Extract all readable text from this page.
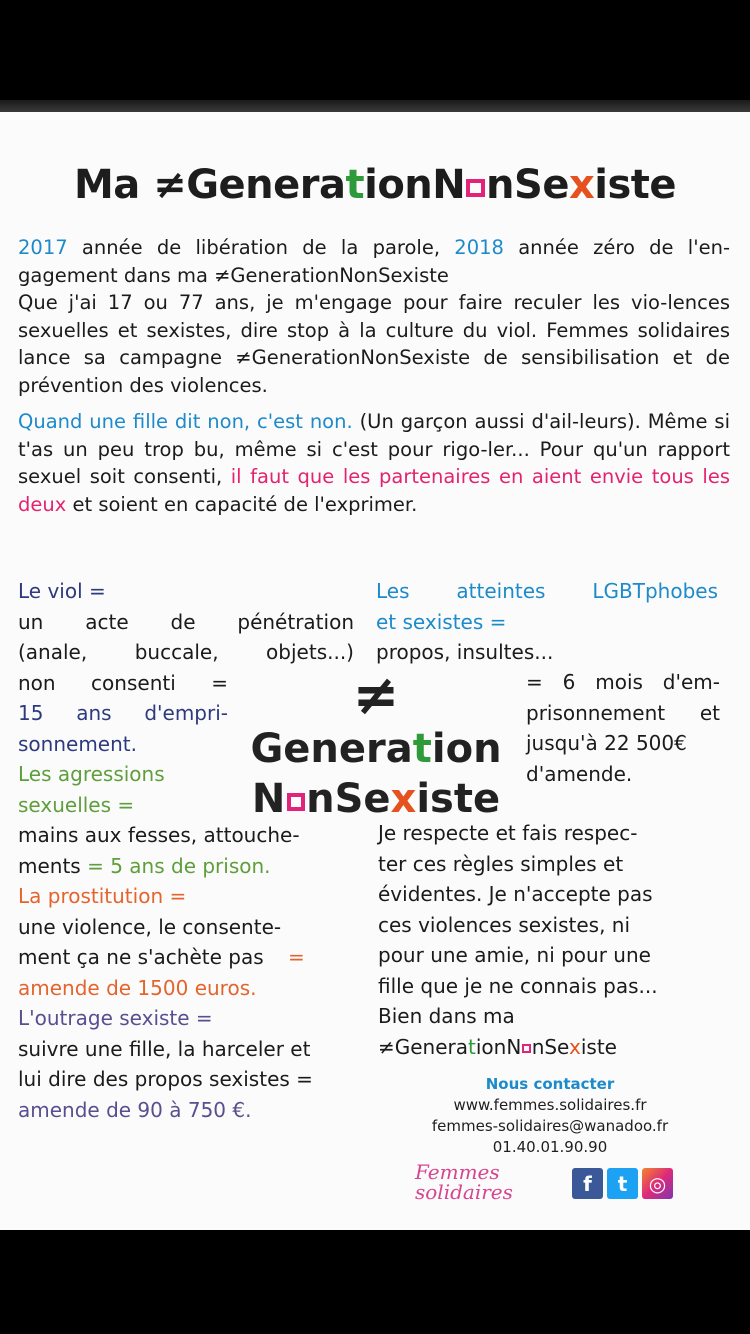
Ma ≠GenerationN nSexiste

2017 année de libération de la parole, 2018 année zéro de l'en-gagement dans ma ≠GenerationNonSexiste
Que j'ai 17 ou 77 ans, je m'engage pour faire reculer les vio-lences sexuelles et sexistes, dire stop à la culture du viol. Femmes solidaires lance sa campagne ≠GenerationNonSexiste de sensibilisation et de prévention des violences.

Quand une fille dit non, c'est non. (Un garçon aussi d'ail-leurs). Même si t'as un peu trop bu, même si c'est pour rigo-ler... Pour qu'un rapport sexuel soit consenti, il faut que les partenaires en aient envie tous les deux et soient en capacité de l'exprimer.

Le viol =
un acte de pénétration
(anale, buccale, objets...)
non consenti =
15 ans d'empri-
sonnement.
Les agressions
sexuelles =
mains aux fesses, attouche-
ments = 5 ans de prison.
La prostitution =
une violence, le consente-
ment ça ne s'achète pas =
amende de 1500 euros.
L'outrage sexiste =
suivre une fille, la harceler et
lui dire des propos sexistes =
amende de 90 à 750 €.
Les atteintes LGBTphobes
et sexistes =
propos, insultes...
= 6 mois d'em-
prisonnement et
jusqu'à 22 500€
d'amende.
≠
Generation
N nSexiste
Je respecte et fais respec-
ter ces règles simples et
évidentes. Je n'accepte pas
ces violences sexistes, ni
pour une amie, ni pour une
fille que je ne connais pas...
Bien dans ma
≠GenerationN nSexiste
Nous contacter
www.femmes.solidaires.fr
femmes-solidaires@wanadoo.fr
01.40.01.90.90
Femmes
solidaires	f	t	◎
